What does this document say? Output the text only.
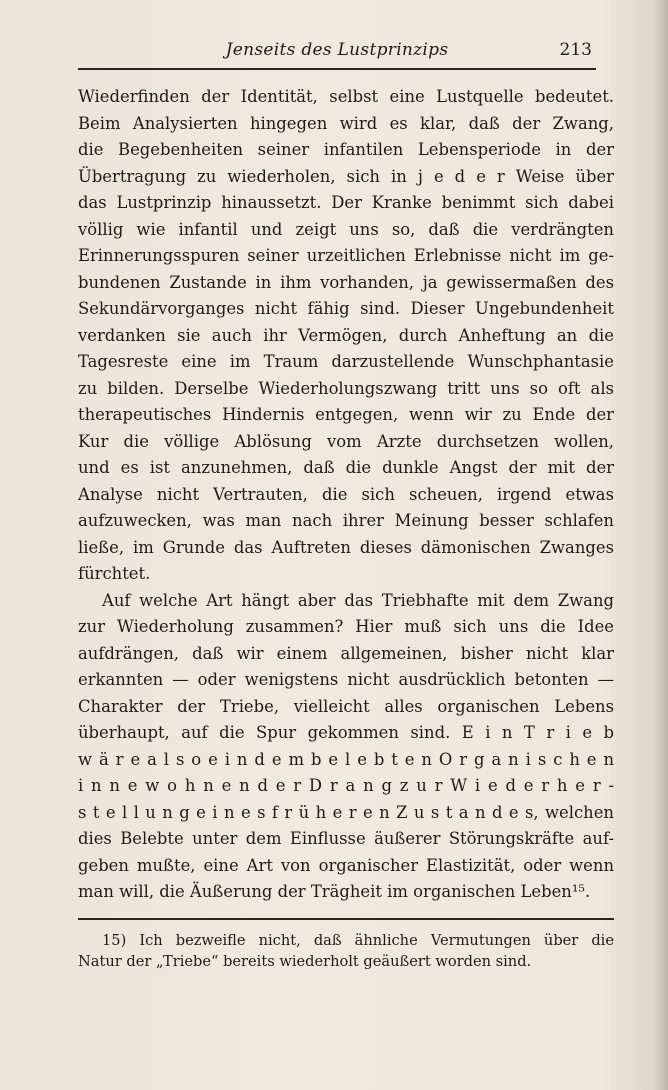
Jenseits des Lustprinzips	213
Wiederfinden der Identität, selbst eine Lustquelle bedeutet.
Beim Analysierten hingegen wird es klar, daß der Zwang,
die Begebenheiten seiner infantilen Lebensperiode in der
Übertragung zu wiederholen, sich in j e d e r Weise über
das Lustprinzip hinaussetzt. Der Kranke benimmt sich dabei
völlig wie infantil und zeigt uns so, daß die verdrängten
Erinnerungsspuren seiner urzeitlichen Erlebnisse nicht im ge-
bundenen Zustande in ihm vorhanden, ja gewissermaßen des
Sekundärvorganges nicht fähig sind. Dieser Ungebundenheit
verdanken sie auch ihr Vermögen, durch Anheftung an die
Tagesreste eine im Traum darzustellende Wunschphantasie
zu bilden. Derselbe Wiederholungszwang tritt uns so oft als
therapeutisches Hindernis entgegen, wenn wir zu Ende der
Kur die völlige Ablösung vom Arzte durchsetzen wollen,
und es ist anzunehmen, daß die dunkle Angst der mit der
Analyse nicht Vertrauten, die sich scheuen, irgend etwas
aufzuwecken, was man nach ihrer Meinung besser schlafen
ließe, im Grunde das Auftreten dieses dämonischen Zwanges
fürchtet.
Auf welche Art hängt aber das Triebhafte mit dem Zwang
zur Wiederholung zusammen? Hier muß sich uns die Idee
aufdrängen, daß wir einem allgemeinen, bisher nicht klar
erkannten — oder wenigstens nicht ausdrücklich betonten —
Charakter der Triebe, vielleicht alles organischen Lebens
überhaupt, auf die Spur gekommen sind. E i n T r i e b
w ä r e a l s o e i n d e m b e l e b t e n O r g a n i s c h e n
i n n e w o h n e n d e r D r a n g z u r W i e d e r h e r -
s t e l l u n g e i n e s f r ü h e r e n Z u s t a n d e s, welchen
dies Belebte unter dem Einflusse äußerer Störungskräfte auf-
geben mußte, eine Art von organischer Elastizität, oder wenn
man will, die Äußerung der Trägheit im organischen Leben¹⁵.
15) Ich bezweifle nicht, daß ähnliche Vermutungen über die
Natur der „Triebe“ bereits wiederholt geäußert worden sind.
